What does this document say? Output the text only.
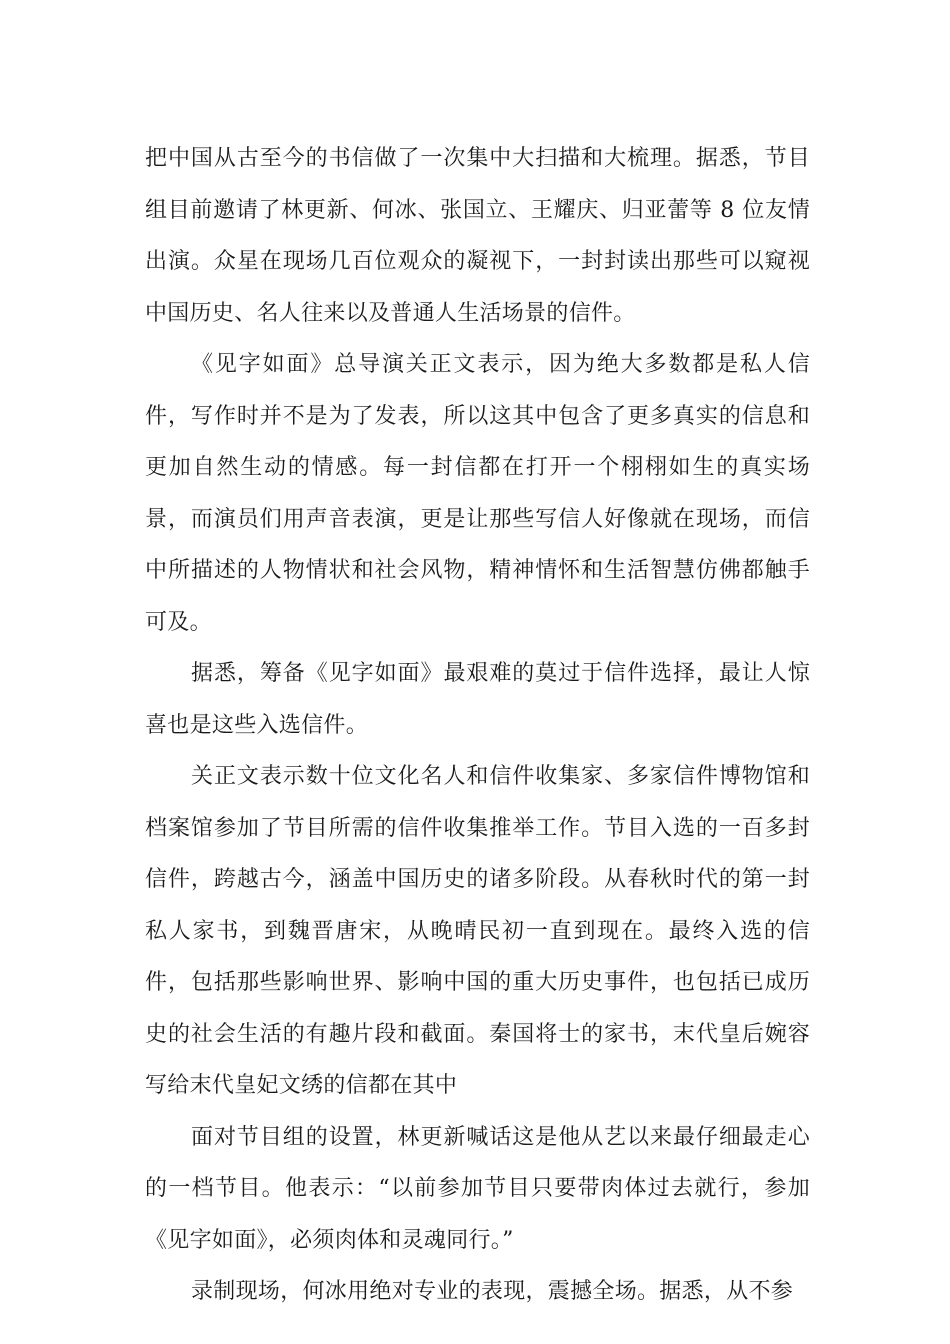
把中国从古至今的书信做了一次集中大扫描和大梳理。据悉，节目组目前邀请了林更新、何冰、张国立、王耀庆、归亚蕾等 8 位友情出演。众星在现场几百位观众的凝视下，一封封读出那些可以窥视中国历史、名人往来以及普通人生活场景的信件。

《见字如面》总导演关正文表示，因为绝大多数都是私人信件，写作时并不是为了发表，所以这其中包含了更多真实的信息和更加自然生动的情感。每一封信都在打开一个栩栩如生的真实场景，而演员们用声音表演，更是让那些写信人好像就在现场，而信中所描述的人物情状和社会风物，精神情怀和生活智慧仿佛都触手可及。

据悉，筹备《见字如面》最艰难的莫过于信件选择，最让人惊喜也是这些入选信件。

关正文表示数十位文化名人和信件收集家、多家信件博物馆和档案馆参加了节目所需的信件收集推举工作。节目入选的一百多封信件，跨越古今，涵盖中国历史的诸多阶段。从春秋时代的第一封私人家书，到魏晋唐宋，从晚晴民初一直到现在。最终入选的信件，包括那些影响世界、影响中国的重大历史事件，也包括已成历史的社会生活的有趣片段和截面。秦国将士的家书，末代皇后婉容写给末代皇妃文绣的信都在其中

面对节目组的设置，林更新喊话这是他从艺以来最仔细最走心的一档节目。他表示：“以前参加节目只要带肉体过去就行，参加《见字如面》，必须肉体和灵魂同行。”

录制现场，何冰用绝对专业的表现，震撼全场。据悉，从不参
